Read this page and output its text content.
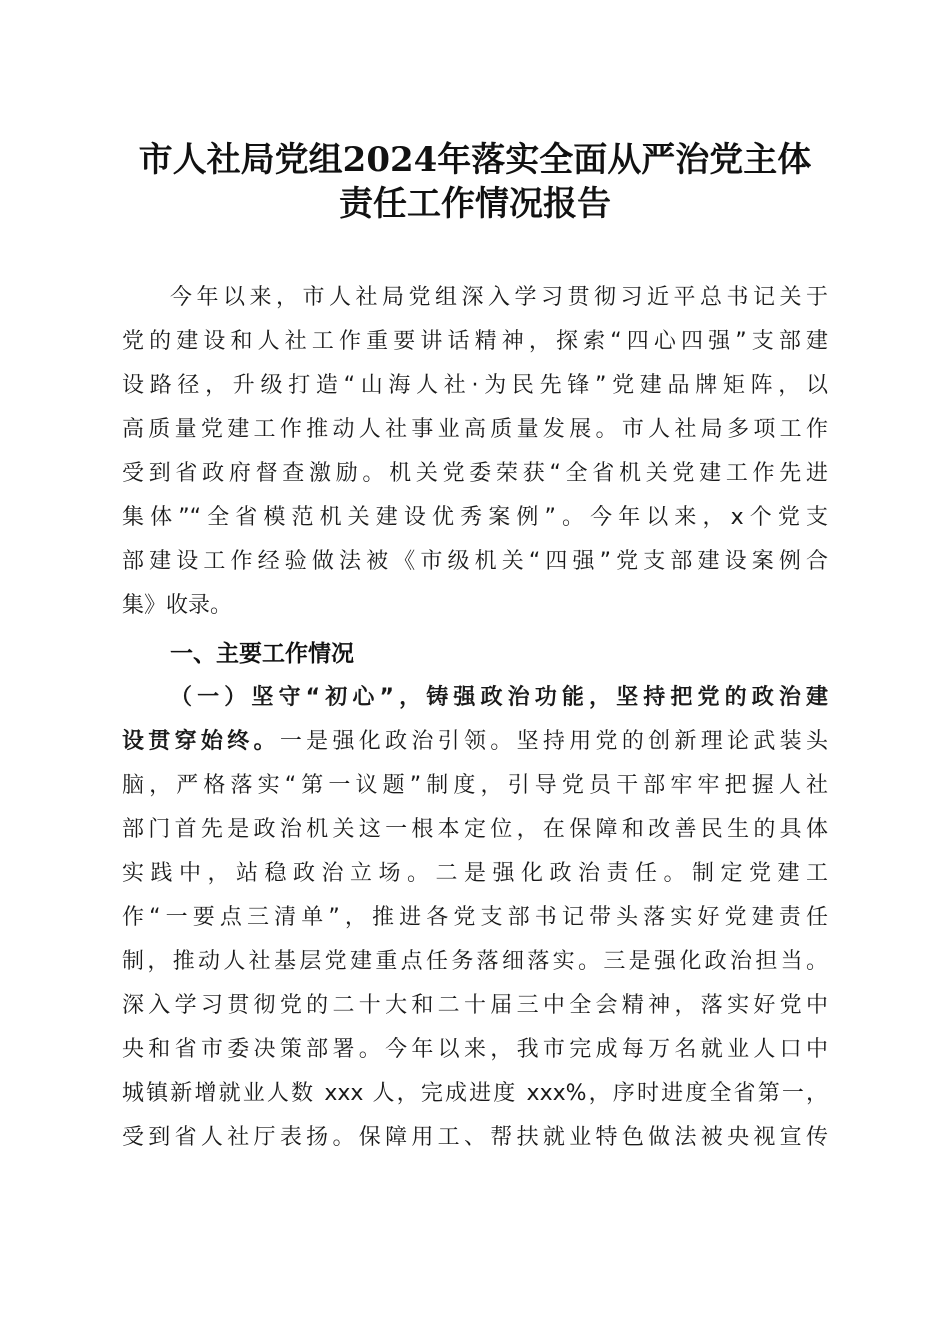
市人社局党组2024年落实全面从严治党主体
责任工作情况报告
今年以来，市人社局党组深入学习贯彻习近平总书记关于
党的建设和人社工作重要讲话精神，探索“四心四强”支部建
设路径，升级打造“山海人社·为民先锋”党建品牌矩阵，以
高质量党建工作推动人社事业高质量发展。市人社局多项工作
受到省政府督查激励。机关党委荣获“全省机关党建工作先进
集体”“全省模范机关建设优秀案例”。今年以来，x个党支
部建设工作经验做法被《市级机关“四强”党支部建设案例合
集》收录。
一、主要工作情况
（一）坚守“初心”，铸强政治功能，坚持把党的政治建
设贯穿始终。一是强化政治引领。坚持用党的创新理论武装头
脑，严格落实“第一议题”制度，引导党员干部牢牢把握人社
部门首先是政治机关这一根本定位，在保障和改善民生的具体
实践中，站稳政治立场。二是强化政治责任。制定党建工
作“一要点三清单”，推进各党支部书记带头落实好党建责任
制，推动人社基层党建重点任务落细落实。三是强化政治担当。
深入学习贯彻党的二十大和二十届三中全会精神，落实好党中
央和省市委决策部署。今年以来，我市完成每万名就业人口中
城镇新增就业人数 xxx 人，完成进度 xxx%，序时进度全省第一，
受到省人社厅表扬。保障用工、帮扶就业特色做法被央视宣传
